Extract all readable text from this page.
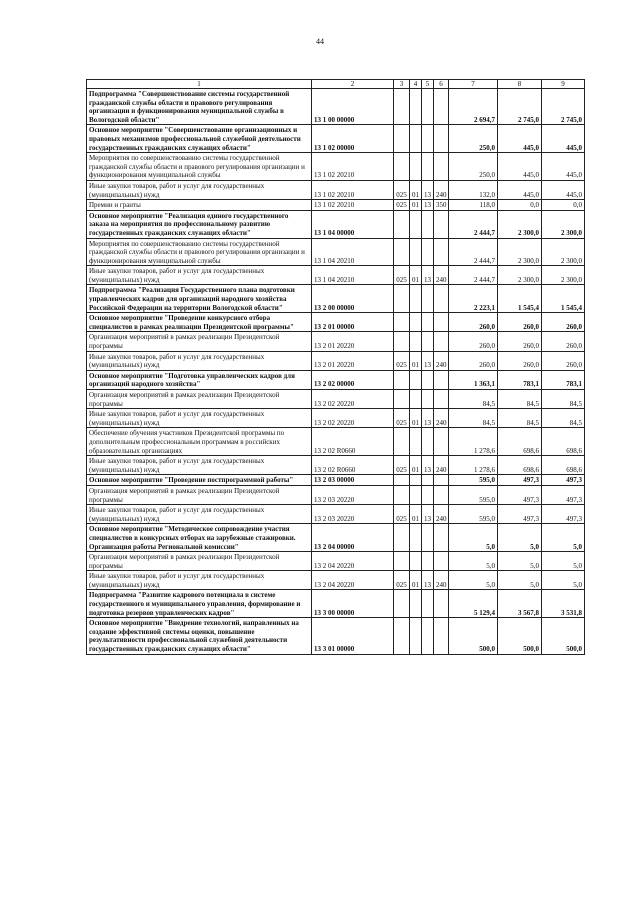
44
1	2	3	4	5	6	7	8	9
Подпрограмма "Совершенствование системы государственной гражданской службы области и правового регулирования организации и функционирования муниципальной службы в Вологодской области"	13 1 00 00000					2 694,7	2 745,0	2 745,0
Основное мероприятие "Совершенствование организационных и правовых механизмов профессиональной служебной деятельности государственных гражданских служащих области"	13 1 02 00000					250,0	445,0	445,0
Мероприятия по совершенствованию системы государственной гражданской службы области и правового регулирования организации и функционирования муниципальной службы	13 1 02 20210					250,0	445,0	445,0
Иные закупки товаров, работ и услуг для государственных (муниципальных) нужд	13 1 02 20210	025	01	13	240	132,0	445,0	445,0
Премии и гранты	13 1 02 20210	025	01	13	350	118,0	0,0	0,0
Основное мероприятие "Реализация единого государственного заказа на мероприятия по профессиональному развитию государственных гражданских служащих области"	13 1 04 00000					2 444,7	2 300,0	2 300,0
Мероприятия по совершенствованию системы государственной гражданской службы области и правового регулирования организации и функционирования муниципальной службы	13 1 04 20210					2 444,7	2 300,0	2 300,0
Иные закупки товаров, работ и услуг для государственных (муниципальных) нужд	13 1 04 20210	025	01	13	240	2 444,7	2 300,0	2 300,0
Подпрограмма "Реализация Государственного плана подготовки управленческих кадров для организаций народного хозяйства Российской Федерации на территории Вологодской области"	13 2 00 00000					2 223,1	1 545,4	1 545,4
Основное мероприятие "Проведение конкурсного отбора специалистов в рамках реализации Президентской программы"	13 2 01 00000					260,0	260,0	260,0
Организация мероприятий в рамках реализации Президентской программы	13 2 01 20220					260,0	260,0	260,0
Иные закупки товаров, работ и услуг для государственных (муниципальных) нужд	13 2 01 20220	025	01	13	240	260,0	260,0	260,0
Основное мероприятие "Подготовка управленческих кадров для организаций народного хозяйства"	13 2 02 00000					1 363,1	783,1	783,1
Организация мероприятий в рамках реализации Президентской программы	13 2 02 20220					84,5	84,5	84,5
Иные закупки товаров, работ и услуг для государственных (муниципальных) нужд	13 2 02 20220	025	01	13	240	84,5	84,5	84,5
Обеспечение обучения участников Президентской программы по дополнительным профессиональным программам в российских образовательных организациях	13 2 02 R0660					1 278,6	698,6	698,6
Иные закупки товаров, работ и услуг для государственных (муниципальных) нужд	13 2 02 R0660	025	01	13	240	1 278,6	698,6	698,6
Основное мероприятие "Проведение постпрограммной работы"	13 2 03 00000					595,0	497,3	497,3
Организация мероприятий в рамках реализации Президентской программы	13 2 03 20220					595,0	497,3	497,3
Иные закупки товаров, работ и услуг для государственных (муниципальных) нужд	13 2 03 20220	025	01	13	240	595,0	497,3	497,3
Основное мероприятие "Методическое сопровождение участия специалистов в конкурсных отборах на зарубежные стажировки. Организация работы Региональной комиссии"	13 2 04 00000					5,0	5,0	5,0
Организация мероприятий в рамках реализации Президентской программы	13 2 04 20220					5,0	5,0	5,0
Иные закупки товаров, работ и услуг для государственных (муниципальных) нужд	13 2 04 20220	025	01	13	240	5,0	5,0	5,0
Подпрограмма "Развитие кадрового потенциала в системе государственного и муниципального управления, формирование и подготовка резервов управленческих кадров"	13 3 00 00000					5 129,4	3 567,8	3 531,8
Основное мероприятие "Внедрение технологий, направленных на создание эффективной системы оценки, повышение результативности профессиональной служебной деятельности государственных гражданских служащих области"	13 3 01 00000					500,0	500,0	500,0
